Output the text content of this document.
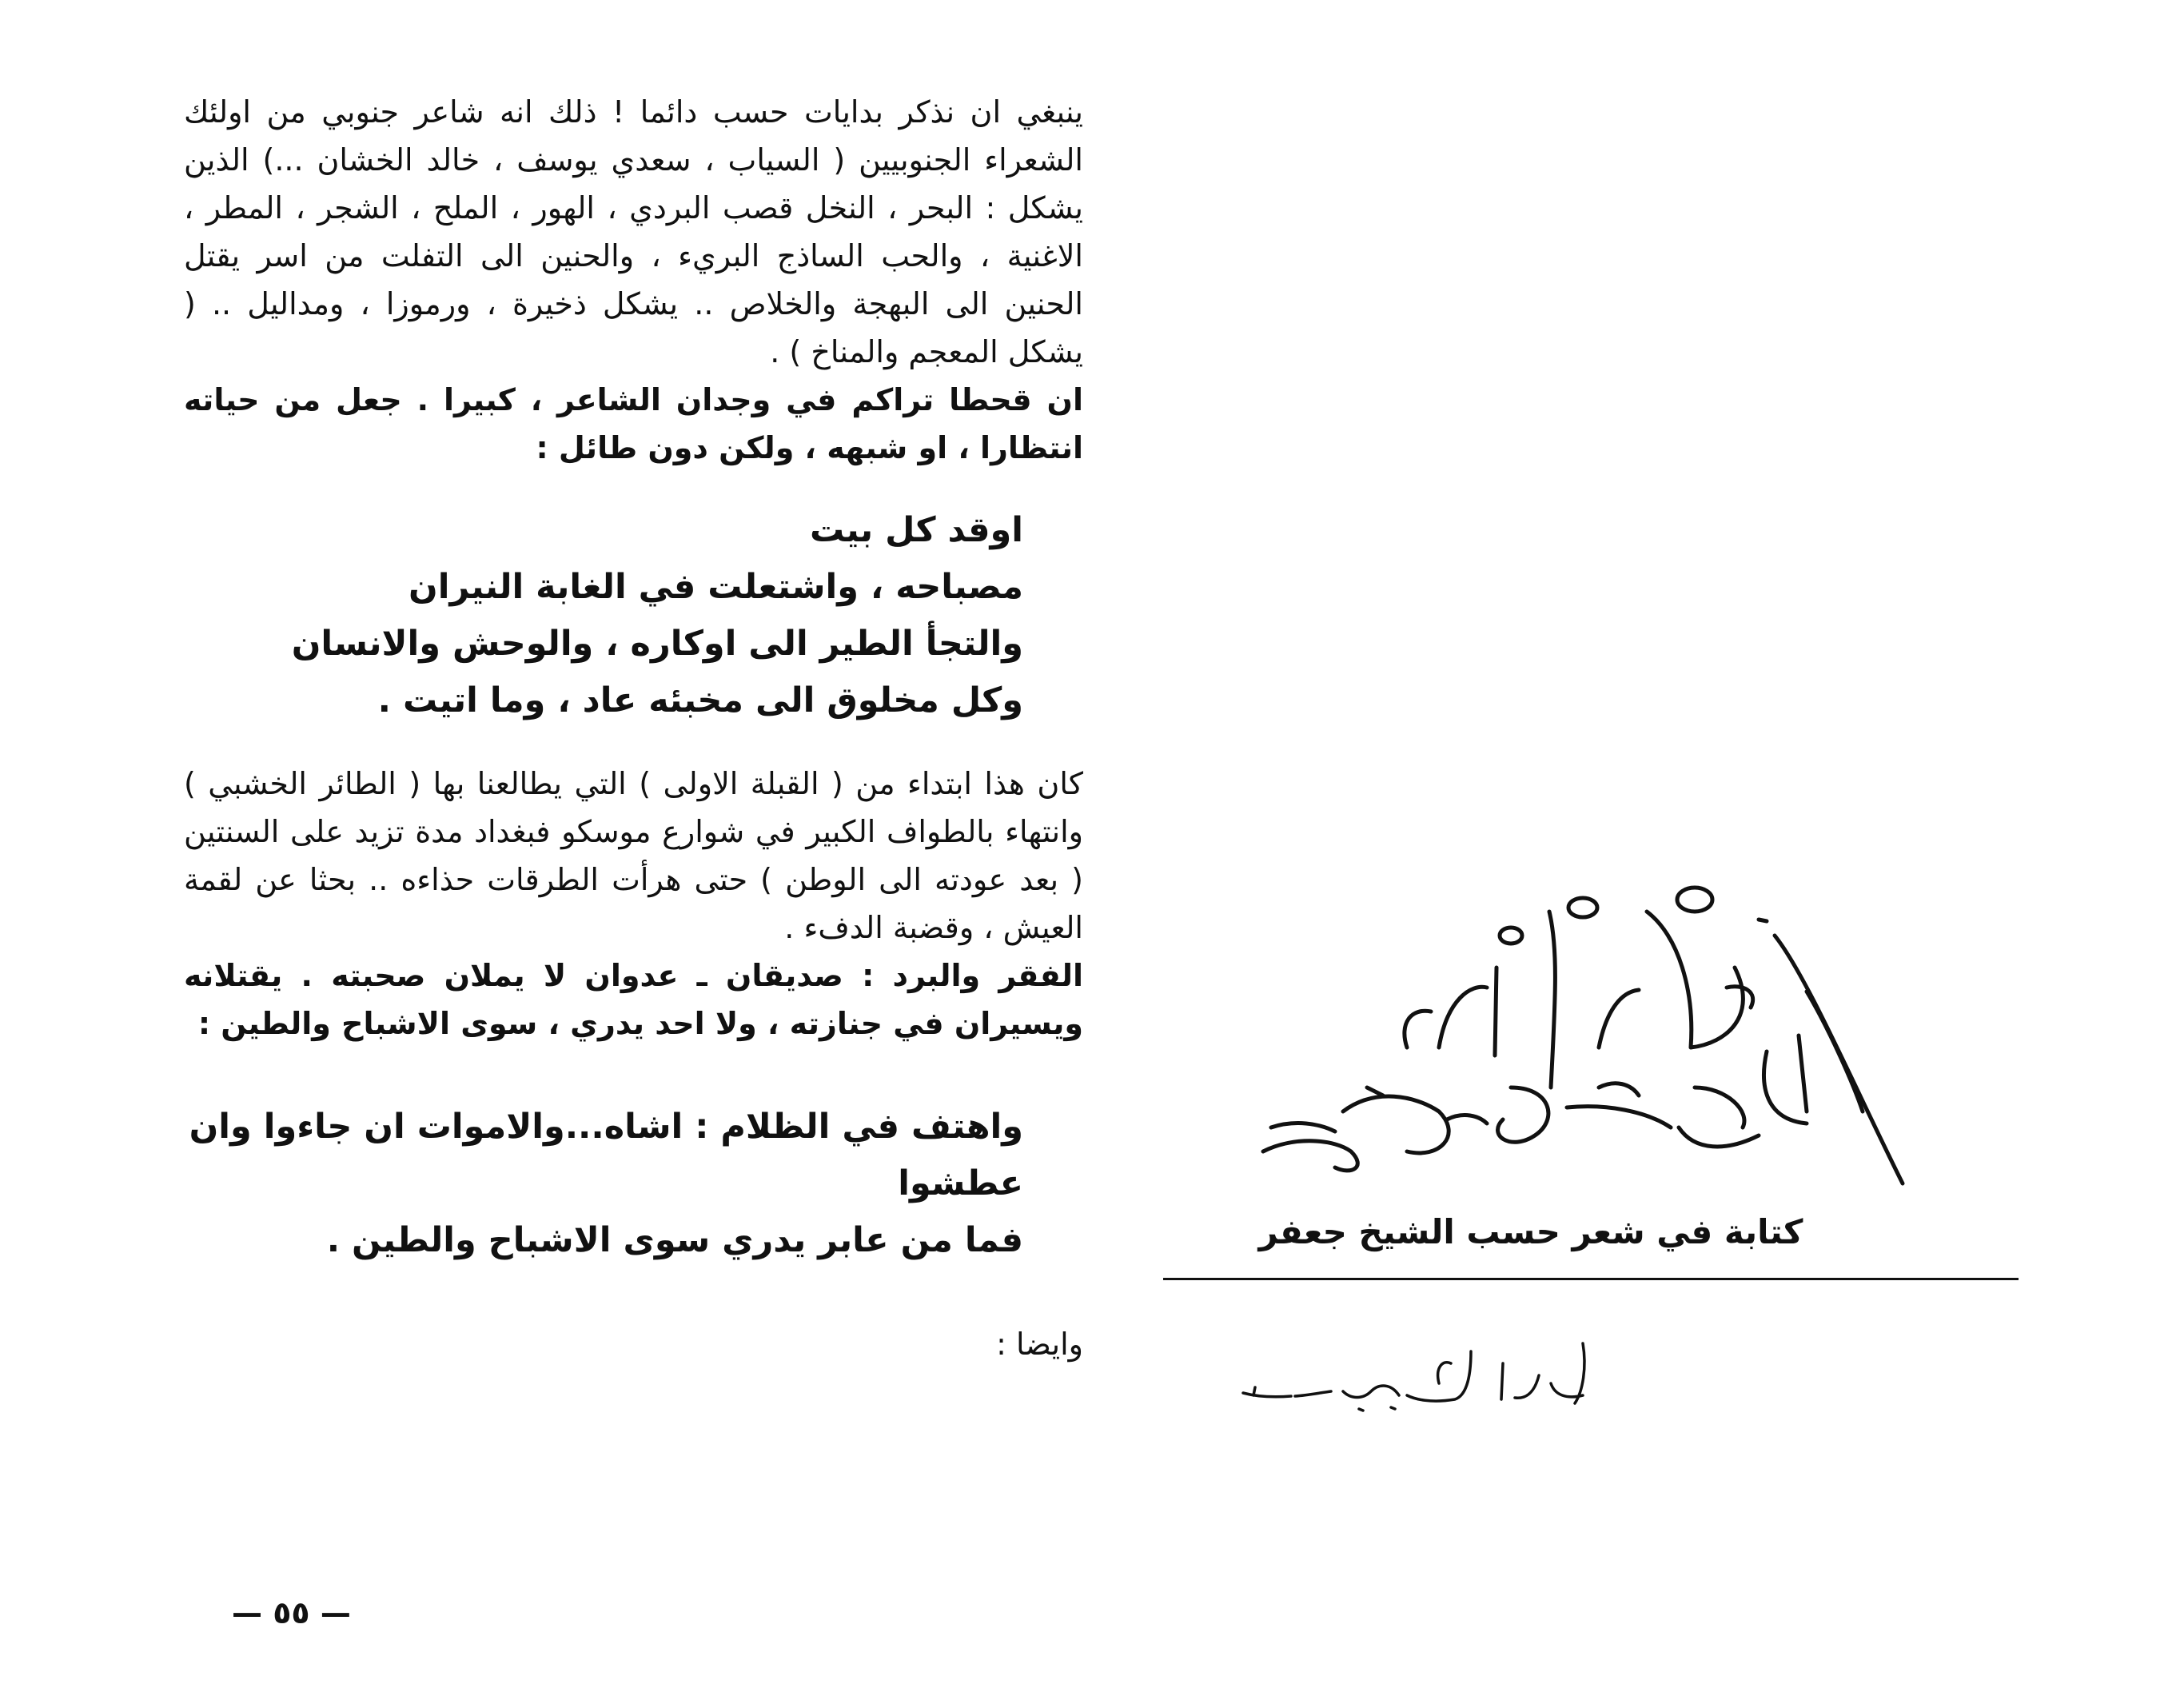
ينبغي ان نذكر بدايات حسب دائما ! ذلك انه شاعر جنوبي من اولئك الشعراء الجنوبيين ( السياب ، سعدي يوسف ، خالد الخشان ...) الذين يشكل : البحر ، النخل قصب البردي ، الهور ، الملح ، الشجر ، المطر ، الاغنية ، والحب الساذج البريء ، والحنين الى التفلت من اسر يقتل الحنين الى البهجة والخلاص .. يشكل ذخيرة ، ورموزا ، ومداليل .. ( يشكل المعجم والمناخ ) .

ان قحطا تراكم في وجدان الشاعر ، كبيرا . جعل من حياته انتظارا ، او شبهه ، ولكن دون طائل :

اوقد كل بيت
مصباحه ، واشتعلت في الغابة النيران
والتجأ الطير الى اوكاره ، والوحش والانسان
وكل مخلوق الى مخبئه عاد ، وما اتيت .

كان هذا ابتداء من ( القبلة الاولى ) التي يطالعنا بها ( الطائر الخشبي ) وانتهاء بالطواف الكبير في شوارع موسكو فبغداد مدة تزيد على السنتين ( بعد عودته الى الوطن ) حتى هرأت الطرقات حذاءه .. بحثا عن لقمة العيش ، وقضبة الدفء .

الفقر والبرد : صديقان ـ عدوان لا يملان صحبته . يقتلانه ويسيران في جنازته ، ولا احد يدري ، سوى الاشباح والطين :

واهتف في الظلام : اشاه...والاموات ان جاءوا وان عطشوا
فما من عابر يدري سوى الاشباح والطين .

وايضا :

— ٥٥ —
كتابة في شعر حسب الشيخ جعفر
